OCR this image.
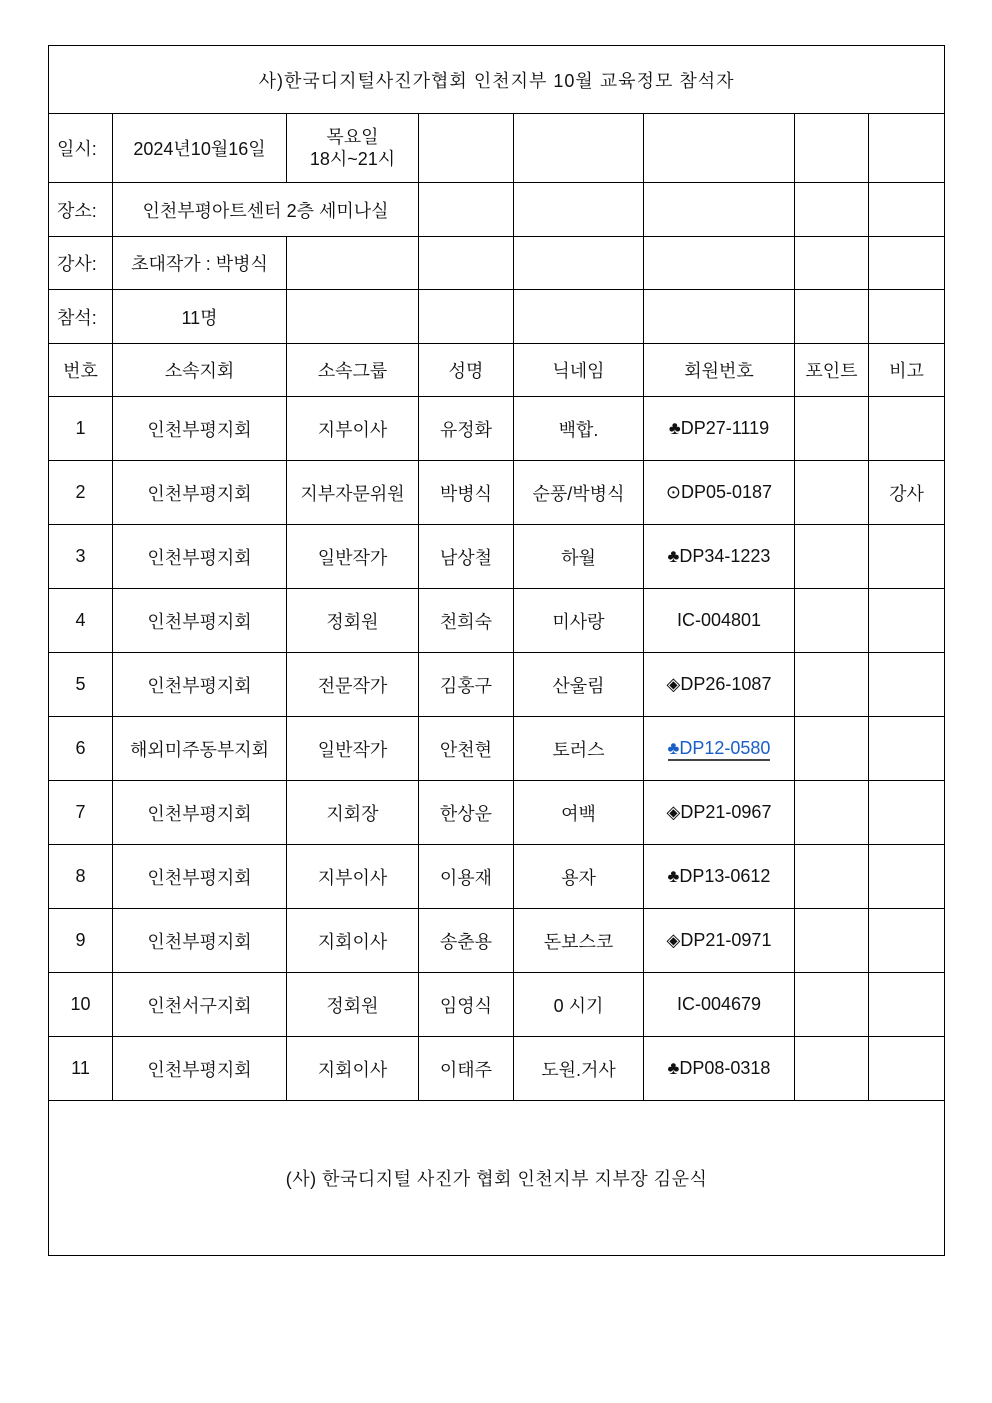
사)한국디지털사진가협회 인천지부 10월 교육정모 참석자							
일시:	2024년10월16일	목요일
18시~21시					

장소:	인천부평아트센터 2층 세미나실						
강사:	초대작가 : 박병식						
참석:	11명						
번호	소속지회	소속그룹	성명	닉네임	회원번호	포인트	비고
1	인천부평지회	지부이사	유정화	백합.	♣DP27-1119		
2	인천부평지회	지부자문위원	박병식	순풍/박병식	⊙DP05-0187		강사
3	인천부평지회	일반작가	남상철	하월	♣DP34-1223		
4	인천부평지회	정회원	천희숙	미사랑	IC-004801		
5	인천부평지회	전문작가	김홍구	산울림	◈DP26-1087		
6	해외미주동부지회	일반작가	안천현	토러스	♣DP12-0580		
7	인천부평지회	지회장	한상운	여백	◈DP21-0967		
8	인천부평지회	지부이사	이용재	용자	♣DP13-0612		
9	인천부평지회	지회이사	송춘용	돈보스코	◈DP21-0971		
10	인천서구지회	정회원	임영식	0 시기	IC-004679		
11	인천부평지회	지회이사	이태주	도원.거사	♣DP08-0318		
(사) 한국디지털 사진가 협회 인천지부 지부장 김운식							
